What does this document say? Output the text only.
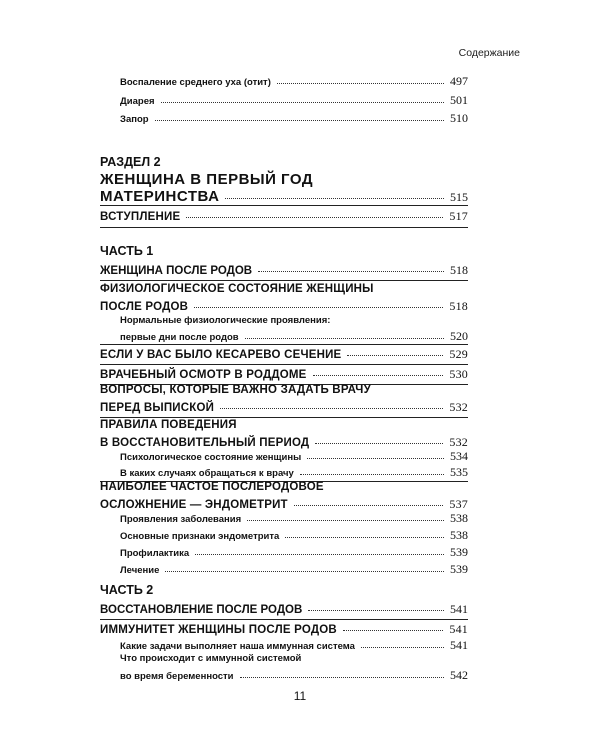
Содержание
Воспаление среднего уха (отит)	497
Диарея	501
Запор	510
РАЗДЕЛ 2
ЖЕНЩИНА В ПЕРВЫЙ ГОД
МАТЕРИНСТВА	515
ВСТУПЛЕНИЕ	517
ЧАСТЬ 1
ЖЕНЩИНА ПОСЛЕ РОДОВ	518
ФИЗИОЛОГИЧЕСКОЕ СОСТОЯНИЕ ЖЕНЩИНЫ
ПОСЛЕ РОДОВ	518
Нормальные физиологические проявления:
первые дни после родов	520
ЕСЛИ У ВАС БЫЛО КЕСАРЕВО СЕЧЕНИЕ	529
ВРАЧЕБНЫЙ ОСМОТР В РОДДОМЕ	530
ВОПРОСЫ, КОТОРЫЕ ВАЖНО ЗАДАТЬ ВРАЧУ
ПЕРЕД ВЫПИСКОЙ	532
ПРАВИЛА ПОВЕДЕНИЯ
В ВОССТАНОВИТЕЛЬНЫЙ ПЕРИОД	532
Психологическое состояние женщины	534
В каких случаях обращаться к врачу	535
НАИБОЛЕЕ ЧАСТОЕ ПОСЛЕРОДОВОЕ
ОСЛОЖНЕНИЕ — ЭНДОМЕТРИТ	537
Проявления заболевания	538
Основные признаки эндометрита	538
Профилактика	539
Лечение	539
ЧАСТЬ 2
ВОССТАНОВЛЕНИЕ ПОСЛЕ РОДОВ	541
ИММУНИТЕТ ЖЕНЩИНЫ ПОСЛЕ РОДОВ	541
Какие задачи выполняет наша иммунная система	541
Что происходит с иммунной системой
во время беременности	542
11
